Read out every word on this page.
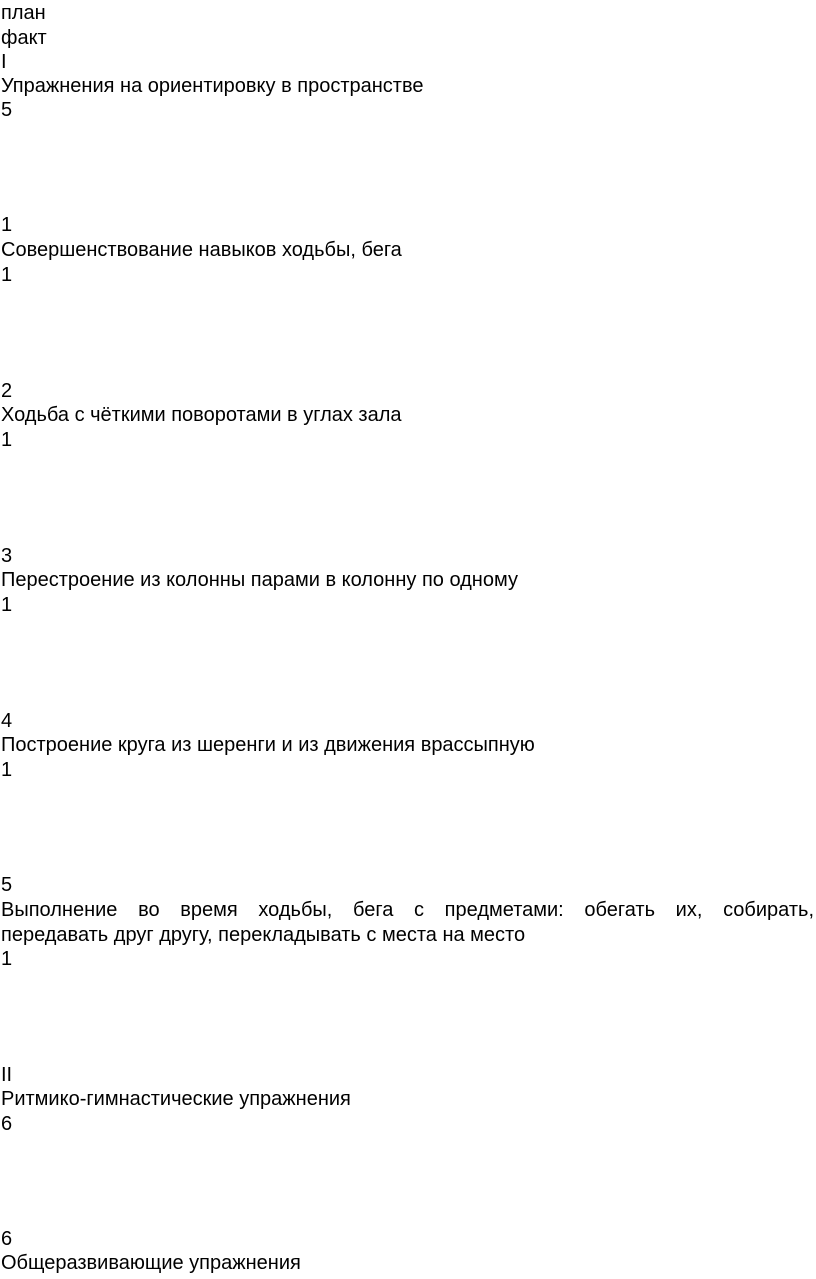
план
факт
I
Упражнения на ориентировку в пространстве
5
1
Совершенствование навыков ходьбы, бега
1
2
Ходьба с чёткими поворотами в углах зала
1
3
Перестроение из колонны парами в колонну по одному
1
4
Построение круга из шеренги и из движения врассыпную
1
5
Выполнение во время ходьбы, бега с предметами: обегать их, собирать,
передавать друг другу, перекладывать с места на место
1
II
Ритмико-гимнастические упражнения
6
6
Общеразвивающие упражнения
